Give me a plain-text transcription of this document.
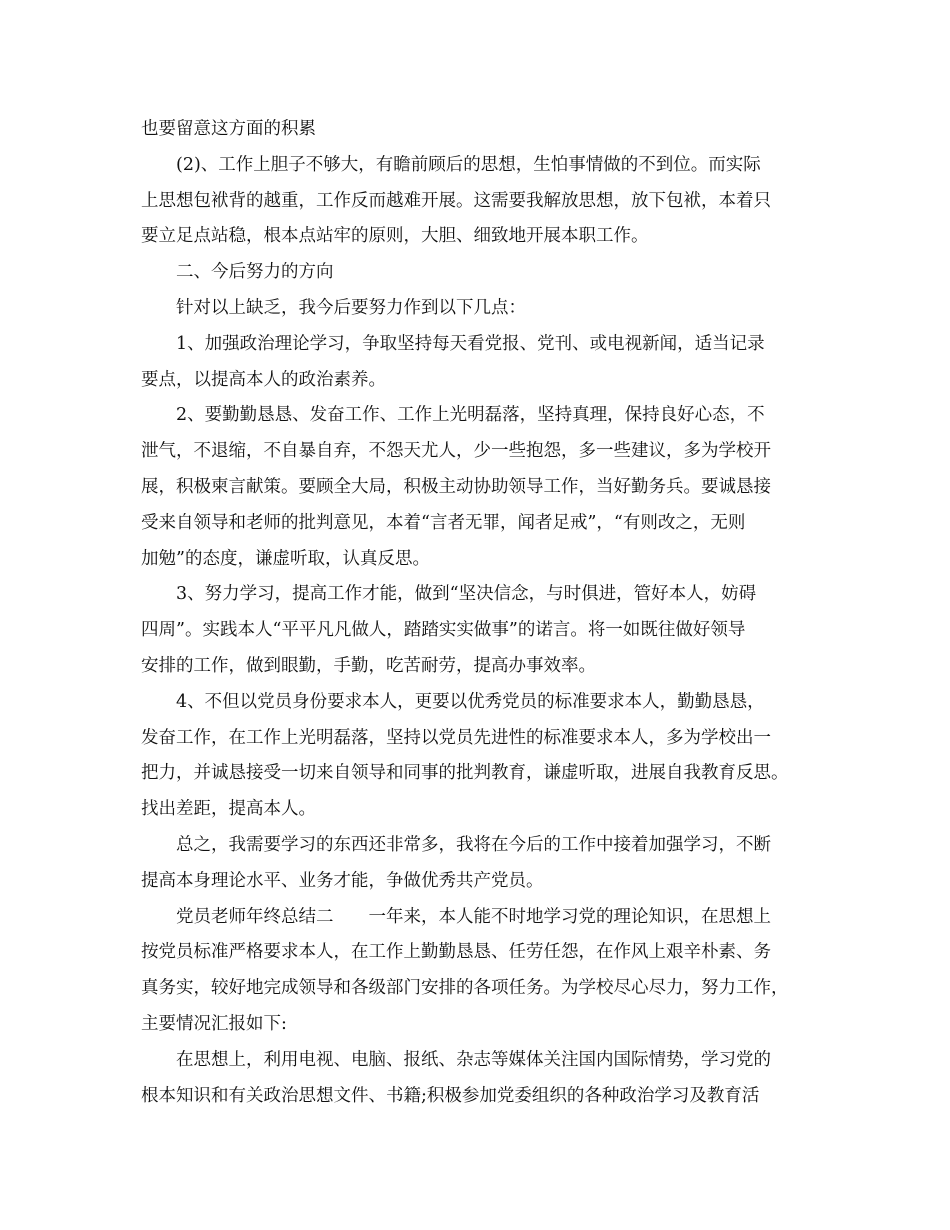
也要留意这方面的积累
(2)、工作上胆子不够大，有瞻前顾后的思想，生怕事情做的不到位。而实际
上思想包袱背的越重，工作反而越难开展。这需要我解放思想，放下包袱，本着只
要立足点站稳，根本点站牢的原则，大胆、细致地开展本职工作。
二、今后努力的方向
针对以上缺乏，我今后要努力作到以下几点：
1、加强政治理论学习，争取坚持每天看党报、党刊、或电视新闻，适当记录
要点，以提高本人的政治素养。
2、要勤勤恳恳、发奋工作、工作上光明磊落，坚持真理，保持良好心态，不
泄气，不退缩，不自暴自弃，不怨天尤人，少一些抱怨，多一些建议，多为学校开
展，积极柬言献策。要顾全大局，积极主动协助领导工作，当好勤务兵。要诚恳接
受来自领导和老师的批判意见，本着“言者无罪，闻者足戒”，“有则改之，无则
加勉”的态度，谦虚听取，认真反思。
3、努力学习，提高工作才能，做到“坚决信念，与时俱进，管好本人，妨碍
四周”。实践本人“平平凡凡做人，踏踏实实做事”的诺言。将一如既往做好领导
安排的工作，做到眼勤，手勤，吃苦耐劳，提高办事效率。
4、不但以党员身份要求本人，更要以优秀党员的标准要求本人，勤勤恳恳，
发奋工作，在工作上光明磊落，坚持以党员先进性的标准要求本人，多为学校出一
把力，并诚恳接受一切来自领导和同事的批判教育，谦虚听取，进展自我教育反思。
找出差距，提高本人。
总之，我需要学习的东西还非常多，我将在今后的工作中接着加强学习，不断
提高本身理论水平、业务才能，争做优秀共产党员。
党员老师年终总结二　　一年来，本人能不时地学习党的理论知识，在思想上
按党员标准严格要求本人，在工作上勤勤恳恳、任劳任怨，在作风上艰辛朴素、务
真务实，较好地完成领导和各级部门安排的各项任务。为学校尽心尽力，努力工作，
主要情况汇报如下:
在思想上，利用电视、电脑、报纸、杂志等媒体关注国内国际情势，学习党的
根本知识和有关政治思想文件、书籍;积极参加党委组织的各种政治学习及教育活
